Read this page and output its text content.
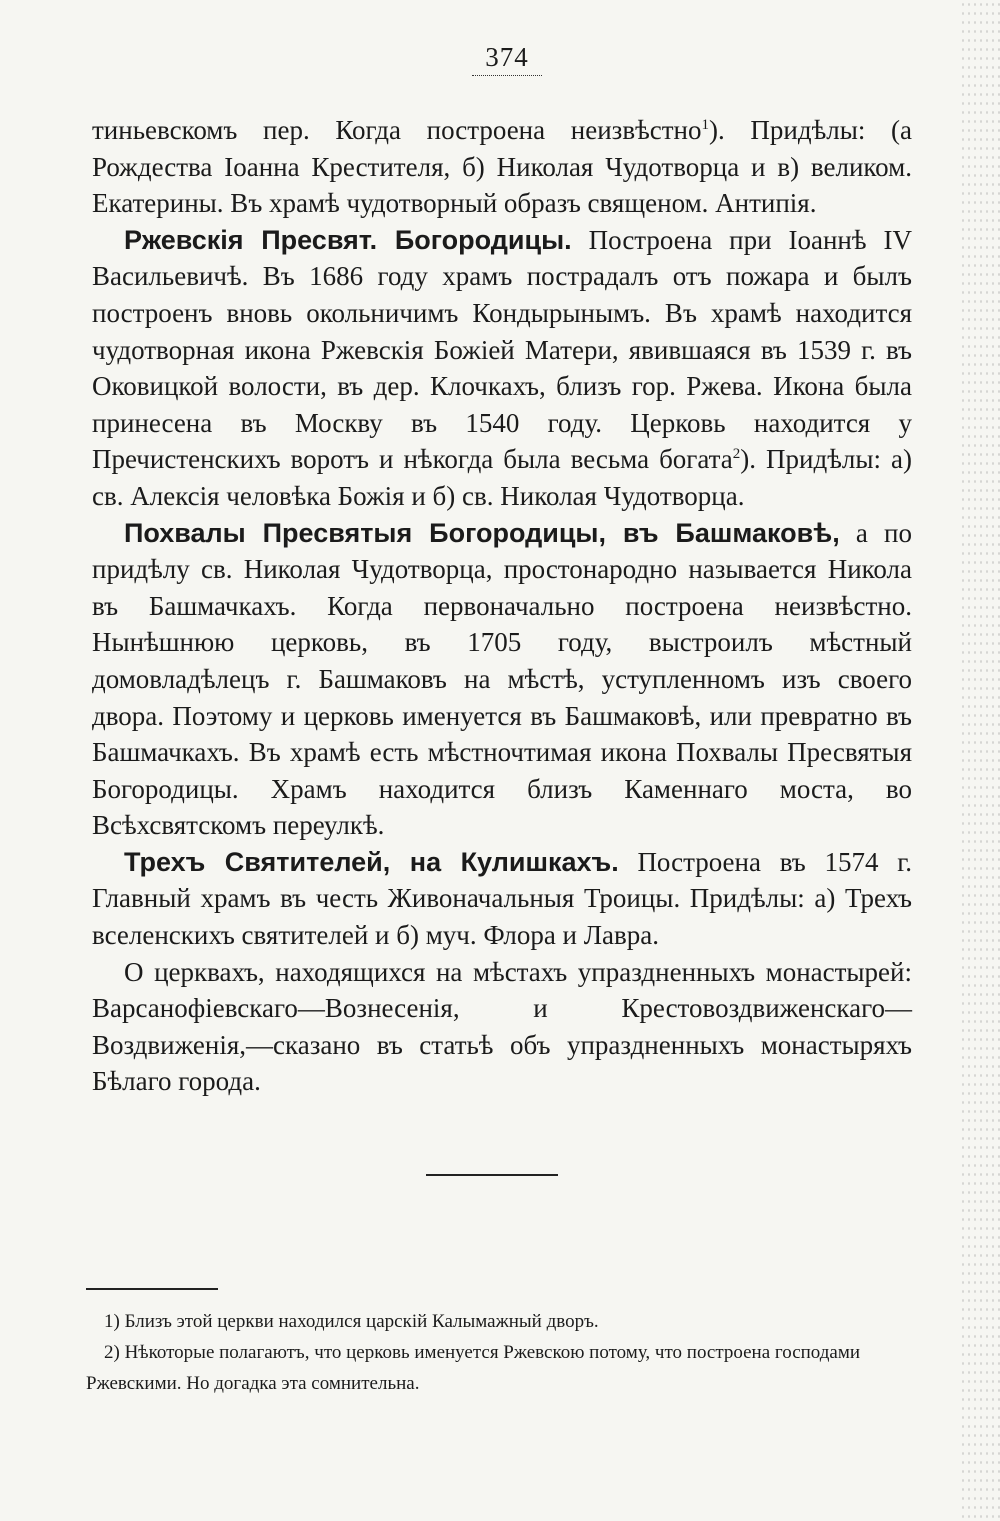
374

тиньевскомъ пер. Когда построена неизвѣстно$^1$). Придѣлы: (а Рождества Іоанна Крестителя, б) Николая Чудотворца и в) великом. Екатерины. Въ храмѣ чудотворный образъ священом. Антипія.

Ржевскія Пресвят. Богородицы. Построена при Іоаннѣ IV Васильевичѣ. Въ 1686 году храмъ пострадалъ отъ пожара и былъ построенъ вновь окольничимъ Кондырынымъ. Въ храмѣ находится чудотворная икона Ржевскія Божіей Матери, явившаяся въ 1539 г. въ Оковицкой волости, въ дер. Клочкахъ, близъ гор. Ржева. Икона была принесена въ Москву въ 1540 году. Церковь находится у Пречистенскихъ воротъ и нѣкогда была весьма богата$^2$). Придѣлы: а) св. Алексія человѣка Божія и б) св. Николая Чудотворца.

Похвалы Пресвятыя Богородицы, въ Башмаковѣ, а по придѣлу св. Николая Чудотворца, простонародно называется Никола въ Башмачкахъ. Когда первоначально построена неизвѣстно. Нынѣшнюю церковь, въ 1705 году, выстроилъ мѣстный домовладѣлецъ г. Башмаковъ на мѣстѣ, уступленномъ изъ своего двора. Поэтому и церковь именуется въ Башмаковѣ, или превратно въ Башмачкахъ. Въ храмѣ есть мѣстночтимая икона Похвалы Пресвятыя Богородицы. Храмъ находится близъ Каменнаго моста, во Всѣхсвятскомъ переулкѣ.

Трехъ Святителей, на Кулишкахъ. Построена въ 1574 г. Главный храмъ въ честь Живоначальныя Троицы. Придѣлы: а) Трехъ вселенскихъ святителей и б) муч. Флора и Лавра.

О церквахъ, находящихся на мѣстахъ упраздненныхъ монастырей: Варсанофіевскаго—Вознесенія, и Крестовоздвиженскаго—Воздвиженія,—сказано въ статьѣ объ упраздненныхъ монастыряхъ Бѣлаго города.

1) Близъ этой церкви находился царскій Калымажный дворъ.

2) Нѣкоторые полагаютъ, что церковь именуется Ржевскою потому, что построена господами Ржевскими. Но догадка эта сомнительна.
